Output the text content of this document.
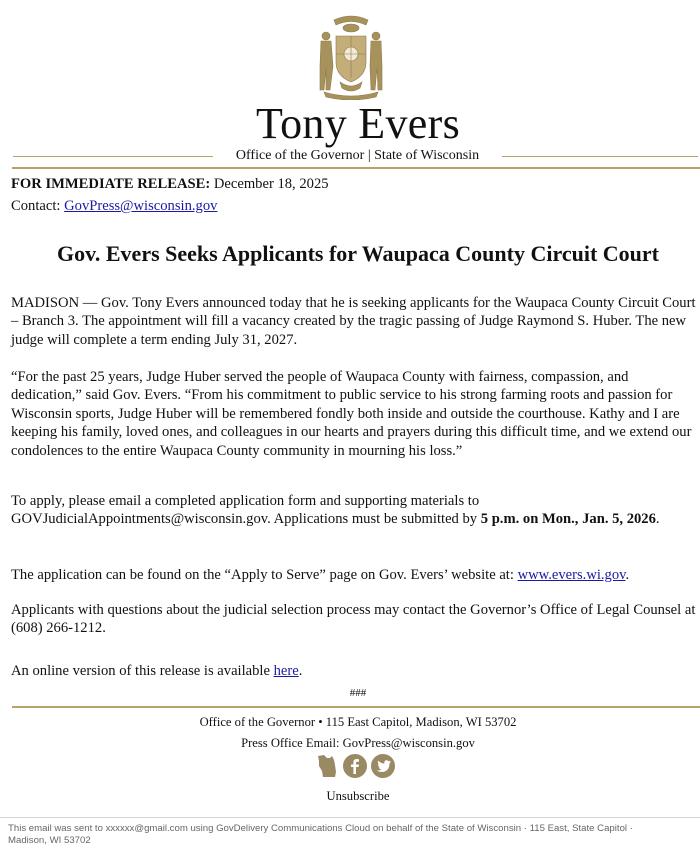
Tony Evers
Office of the Governor | State of Wisconsin
FOR IMMEDIATE RELEASE: December 18, 2025
Contact: GovPress@wisconsin.gov
Gov. Evers Seeks Applicants for Waupaca County Circuit Court
MADISON — Gov. Tony Evers announced today that he is seeking applicants for the Waupaca County Circuit Court – Branch 3. The appointment will fill a vacancy created by the tragic passing of Judge Raymond S. Huber. The new judge will complete a term ending July 31, 2027.
“For the past 25 years, Judge Huber served the people of Waupaca County with fairness, compassion, and dedication,” said Gov. Evers. “From his commitment to public service to his strong farming roots and passion for Wisconsin sports, Judge Huber will be remembered fondly both inside and outside the courthouse. Kathy and I are keeping his family, loved ones, and colleagues in our hearts and prayers during this difficult time, and we extend our condolences to the entire Waupaca County community in mourning his loss.”
To apply, please email a completed application form and supporting materials to GOVJudicialAppointments@wisconsin.gov. Applications must be submitted by 5 p.m. on Mon., Jan. 5, 2026.
The application can be found on the “Apply to Serve” page on Gov. Evers’ website at: www.evers.wi.gov.
Applicants with questions about the judicial selection process may contact the Governor’s Office of Legal Counsel at (608) 266-1212.
An online version of this release is available here.
###
Office of the Governor • 115 East Capitol, Madison, WI 53702
Press Office Email: GovPress@wisconsin.gov
Unsubscribe
This email was sent to xxxxxx@gmail.com using GovDelivery Communications Cloud on behalf of the State of Wisconsin · 115 East, State Capitol · Madison, WI 53702
